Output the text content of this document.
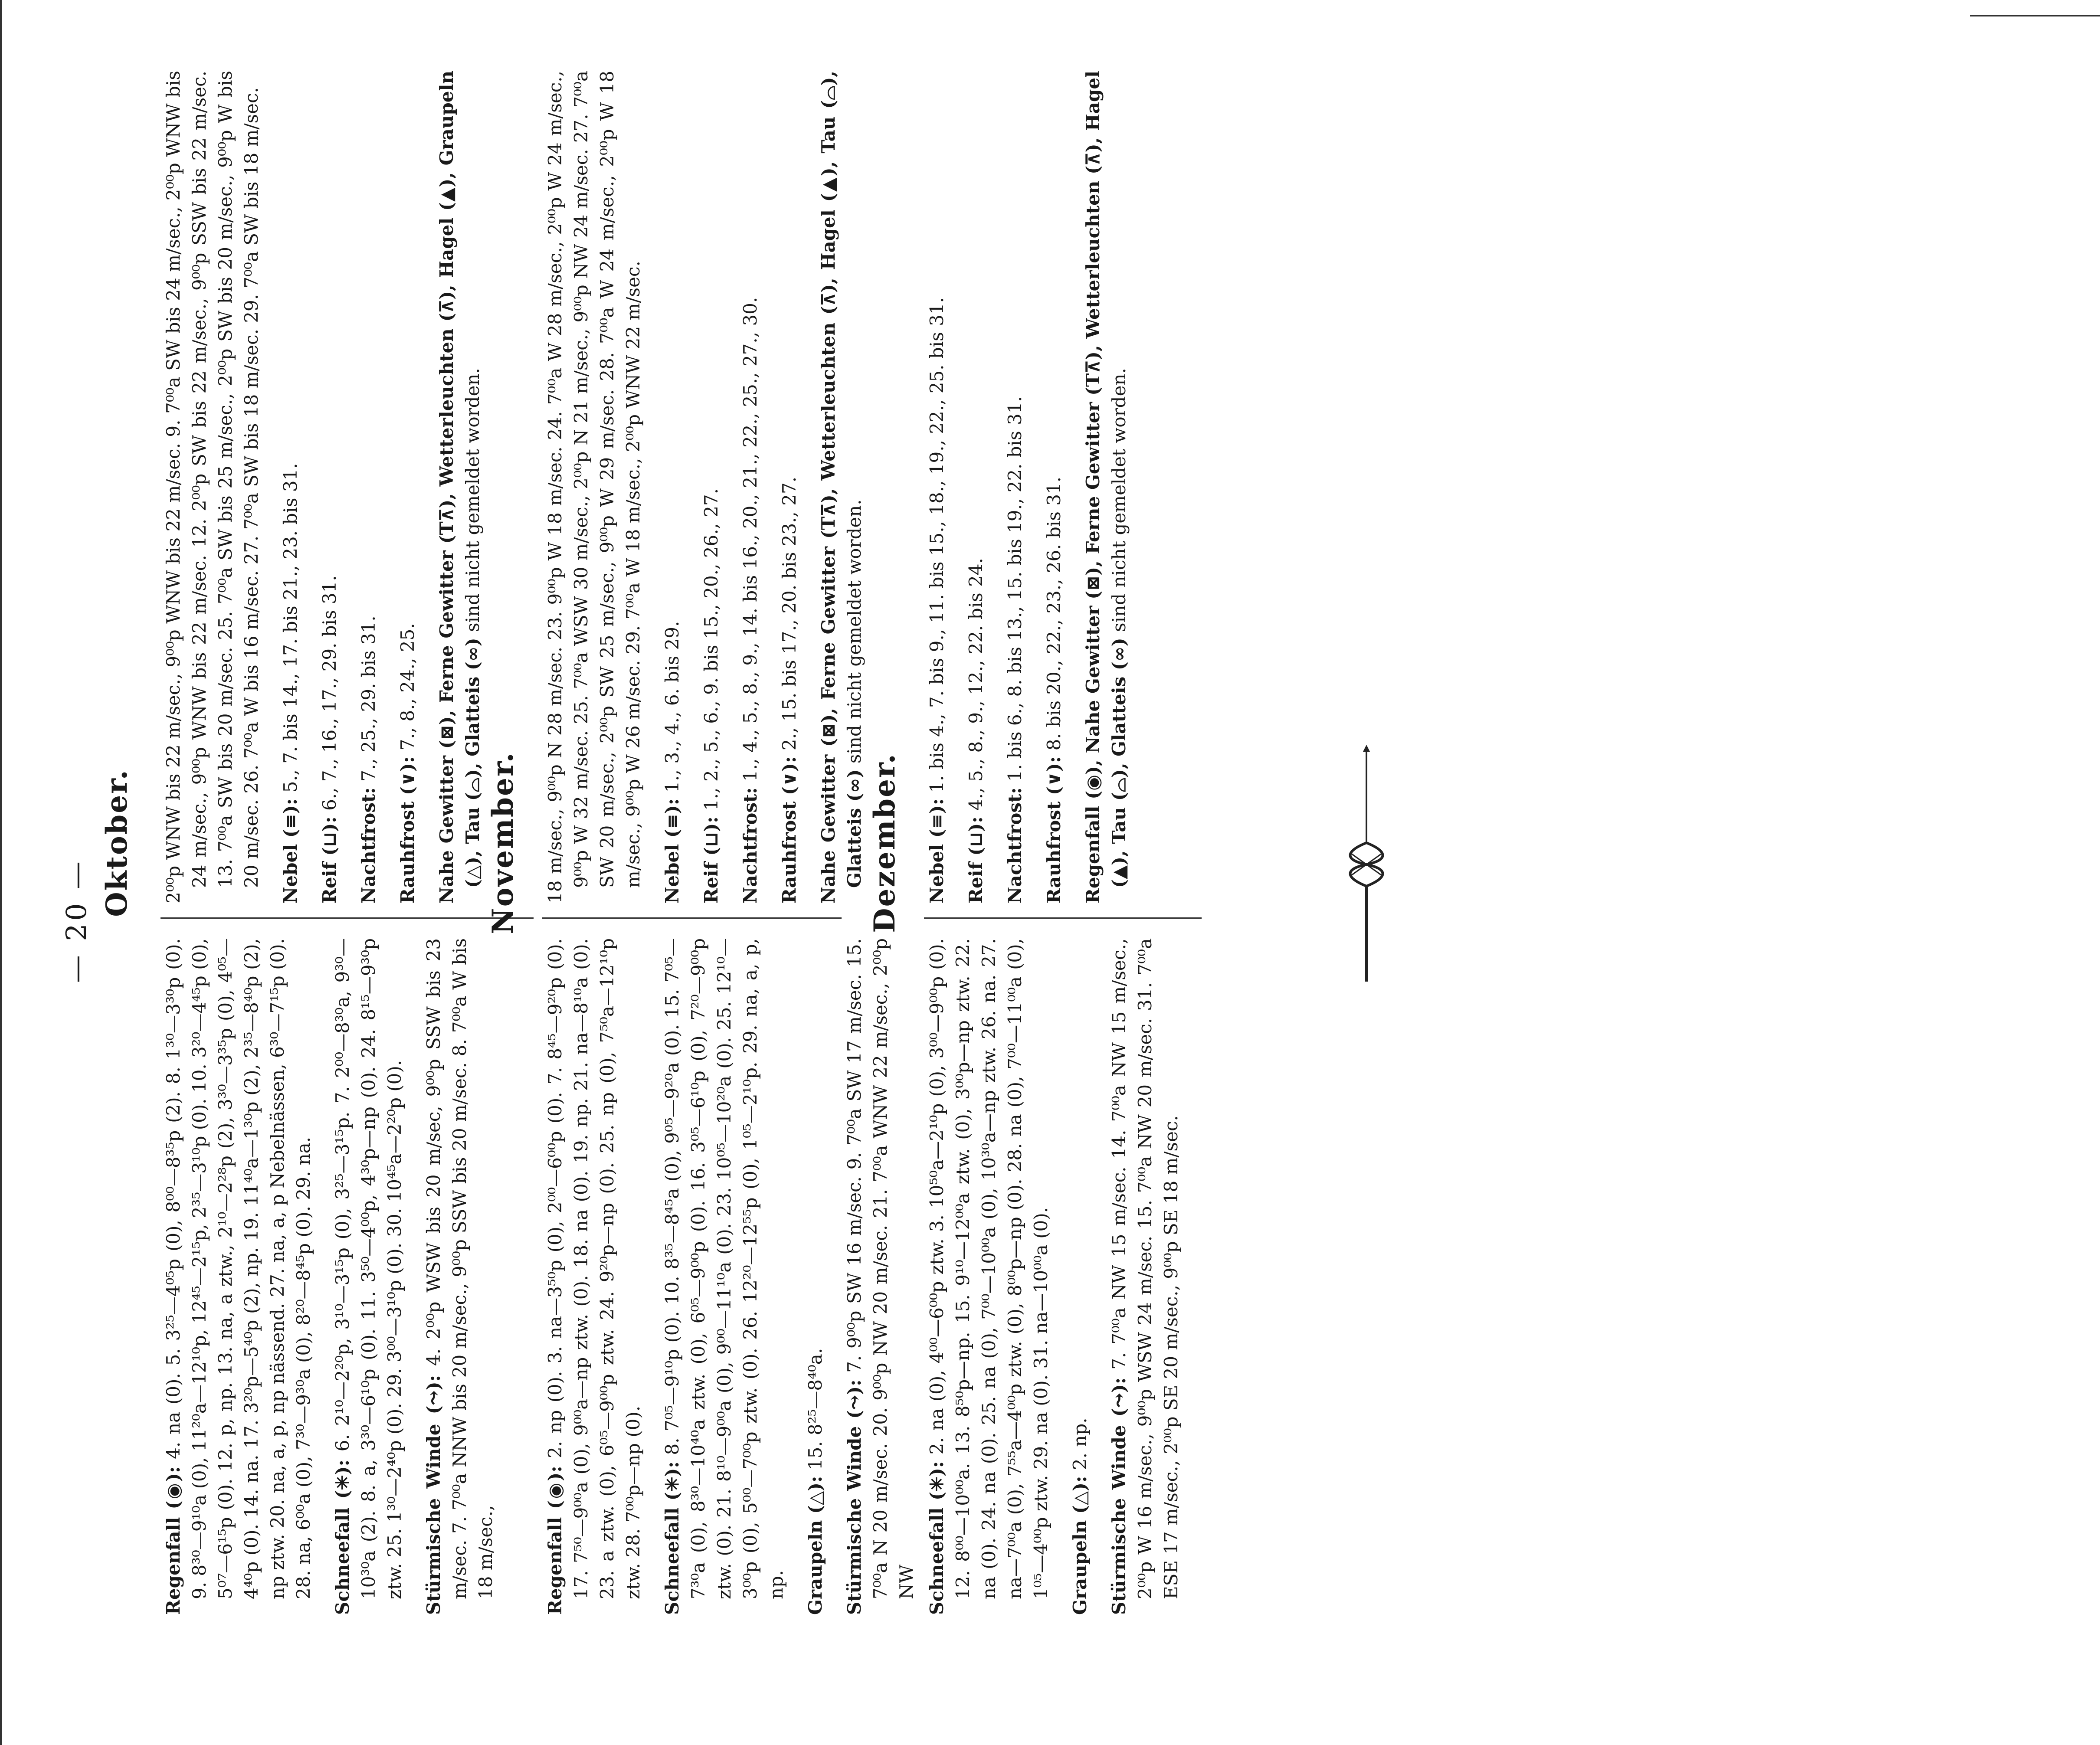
— 20 —
Oktober.

Regenfall (◉): 4. na (0). 5. 3²⁵—4⁰⁵p (0), 8⁰⁰—8³⁵p (2). 8. 1³⁰—3³⁰p (0). 9. 8³⁰—9¹⁰a (0), 11²⁰a—12¹⁰p, 12⁴⁵—2¹⁵p, 2³⁵—3¹⁰p (0). 10. 3²⁰—4⁴⁵p (0), 5⁰⁷—6¹⁵p (0). 12. p, np. 13. na, a ztw., 2¹⁰—2²⁸p (2), 3³⁰—3³⁵p (0), 4⁰⁵—4⁴⁰p (0). 14. na. 17. 3²⁰p—5⁴⁰p (2), np. 19. 11⁴⁰a—1³⁰p (2), 2³⁵—8⁴⁰p (2), np ztw. 20. na, a, p, np nässend. 27. na, a, p Nebelnässen, 6³⁰—7¹⁵p (0). 28. na, 6⁰⁰a (0), 7³⁰—9³⁰a (0), 8²⁰—8⁴⁵p (0). 29. na. Schneefall (✳): 6. 2¹⁰—2²⁰p, 3¹⁰—3¹⁵p (0), 3²⁵—3¹⁵p. 7. 2⁰⁰—8³⁰a, 9³⁰—10³⁰a (2). 8. a, 3³⁰—6¹⁰p (0). 11. 3⁵⁰—4⁰⁰p, 4³⁰p—np (0). 24. 8¹⁵—9³⁰p ztw. 25. 1³⁰—2⁴⁰p (0). 29. 3⁰⁰—3¹⁰p (0). 30. 10⁴⁵a—2²⁰p (0). Stürmische Winde (⤳): 4. 2⁰⁰p WSW bis 20 m/sec, 9⁰⁰p SSW bis 23 m/sec. 7. 7⁰⁰a NNW bis 20 m/sec., 9⁰⁰p SSW bis 20 m/sec. 8. 7⁰⁰a W bis 18 m/sec.,

2⁰⁰p WNW bis 22 m/sec., 9⁰⁰p WNW bis 22 m/sec. 9. 7⁰⁰a SW bis 24 m/sec., 2⁰⁰p WNW bis 24 m/sec., 9⁰⁰p WNW bis 22 m/sec. 12. 2⁰⁰p SW bis 22 m/sec., 9⁰⁰p SSW bis 22 m/sec. 13. 7⁰⁰a SW bis 20 m/sec. 25. 7⁰⁰a SW bis 25 m/sec., 2⁰⁰p SW bis 20 m/sec., 9⁰⁰p W bis 20 m/sec. 26. 7⁰⁰a W bis 16 m/sec. 27. 7⁰⁰a SW bis 18 m/sec. 29. 7⁰⁰a SW bis 18 m/sec. Nebel (≡): 5., 7. bis 14., 17. bis 21., 23. bis 31.

Reif (⊔): 6., 7., 16., 17., 29. bis 31.

Nachtfrost: 7., 25., 29. bis 31.

Rauhfrost (∨): 7., 8., 24., 25. Nahe Gewitter (⊠), Ferne Gewitter (T⊼), Wetterleuchten (⊼), Hagel (▲), Graupeln (△), Tau (⌓), Glatteis (∞) sind nicht gemeldet worden.

November.

Regenfall (◉): 2. np (0). 3. na—3⁵⁰p (0), 2⁰⁰—6⁰⁰p (0). 7. 8⁴⁵—9²⁰p (0). 17. 7⁵⁰—9⁰⁰a (0), 9⁰⁰a—np ztw. (0). 18. na (0). 19. np. 21. na—8¹⁰a (0). 23. a ztw. (0), 6⁰⁵—9⁰⁰p ztw. 24. 9²⁰p—np (0). 25. np (0), 7⁵⁰a—12¹⁰p ztw. 28. 7⁰⁰p—np (0). Schneefall (✳): 8. 7⁰⁵—9¹⁰p (0). 10. 8³⁵—8⁴⁵a (0), 9⁰⁵—9²⁰a (0). 15. 7⁰⁵—7³⁰a (0), 8³⁰—10⁴⁰a ztw. (0), 6⁰⁵—9⁰⁰p (0). 16. 3⁰⁵—6¹⁰p (0), 7²⁰—9⁰⁰p ztw. (0). 21. 8¹⁰—9⁰⁰a (0), 9⁰⁰—11¹⁰a (0). 23. 10⁰⁵—10²⁰a (0). 25. 12¹⁰—3⁰⁰p (0), 5⁰⁰—7⁰⁰p ztw. (0). 26. 12²⁰—12⁵⁵p (0), 1⁰⁵—2¹⁰p. 29. na, a, p, np. Graupeln (△): 15. 8²⁵—8⁴⁰a. Stürmische Winde (⤳): 7. 9⁰⁰p SW 16 m/sec. 9. 7⁰⁰a SW 17 m/sec. 15. 7⁰⁰a N 20 m/sec. 20. 9⁰⁰p NW 20 m/sec. 21. 7⁰⁰a WNW 22 m/sec., 2⁰⁰p NW

18 m/sec., 9⁰⁰p N 28 m/sec. 23. 9⁰⁰p W 18 m/sec. 24. 7⁰⁰a W 28 m/sec., 2⁰⁰p W 24 m/sec., 9⁰⁰p W 32 m/sec. 25. 7⁰⁰a WSW 30 m/sec., 2⁰⁰p N 21 m/sec., 9⁰⁰p NW 24 m/sec. 27. 7⁰⁰a SW 20 m/sec., 2⁰⁰p SW 25 m/sec., 9⁰⁰p W 29 m/sec. 28. 7⁰⁰a W 24 m/sec., 2⁰⁰p W 18 m/sec., 9⁰⁰p W 26 m/sec. 29. 7⁰⁰a W 18 m/sec., 2⁰⁰p WNW 22 m/sec. Nebel (≡): 1., 3., 4., 6. bis 29.

Reif (⊔): 1., 2., 5., 6., 9. bis 15., 20., 26., 27.

Nachtfrost: 1., 4., 5., 8., 9., 14. bis 16., 20., 21., 22., 25., 27., 30.

Rauhfrost (∨): 2., 15. bis 17., 20. bis 23., 27. Nahe Gewitter (⊠), Ferne Gewitter (T⊼), Wetterleuchten (⊼), Hagel (▲), Tau (⌓), Glatteis (∞) sind nicht gemeldet worden.

Dezember.

Schneefall (✳): 2. na (0), 4⁰⁰—6⁰⁰p ztw. 3. 10⁵⁰a—2¹⁰p (0), 3⁰⁰—9⁰⁰p (0). 12. 8⁰⁰—10⁰⁰a. 13. 8⁵⁰p—np. 15. 9¹⁰—12⁰⁰a ztw. (0), 3⁰⁰p—np ztw. 22. na (0). 24. na (0). 25. na (0), 7⁰⁰—10⁰⁰a (0), 10³⁰a—np ztw. 26. na. 27. na—7⁰⁰a (0), 7⁵⁵a—4⁰⁰p ztw. (0), 8⁰⁰p—np (0). 28. na (0), 7⁰⁰—11⁰⁰a (0), 1⁰⁵—4⁰⁰p ztw. 29. na (0). 31. na—10⁰⁰a (0). Graupeln (△): 2. np. Stürmische Winde (⤳): 7. 7⁰⁰a NW 15 m/sec. 14. 7⁰⁰a NW 15 m/sec., 2⁰⁰p W 16 m/sec., 9⁰⁰p WSW 24 m/sec. 15. 7⁰⁰a NW 20 m/sec. 31. 7⁰⁰a ESE 17 m/sec., 2⁰⁰p SE 20 m/sec., 9⁰⁰p SE 18 m/sec.

Nebel (≡): 1. bis 4., 7. bis 9., 11. bis 15., 18., 19., 22., 25. bis 31.

Reif (⊔): 4., 5., 8., 9., 12., 22. bis 24.

Nachtfrost: 1. bis 6., 8. bis 13., 15. bis 19., 22. bis 31.

Rauhfrost (∨): 8. bis 20., 22., 23., 26. bis 31. Regenfall (◉), Nahe Gewitter (⊠), Ferne Gewitter (T⊼), Wetterleuchten (⊼), Hagel (▲), Tau (⌓), Glatteis (∞) sind nicht gemeldet worden.
